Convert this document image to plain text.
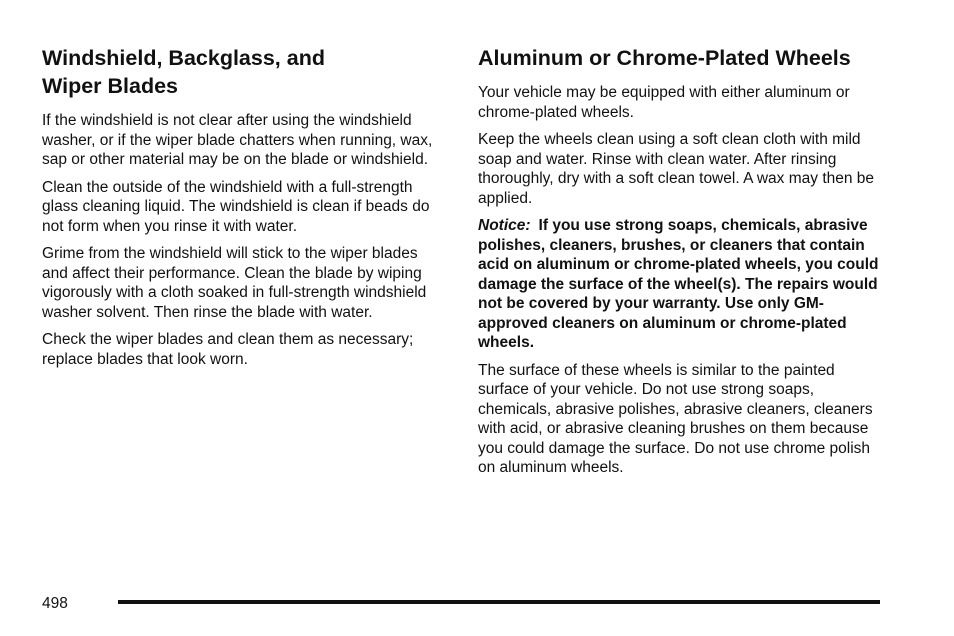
Windshield, Backglass, and Wiper Blades

If the windshield is not clear after using the windshield washer, or if the wiper blade chatters when running, wax, sap or other material may be on the blade or windshield.

Clean the outside of the windshield with a full-strength glass cleaning liquid. The windshield is clean if beads do not form when you rinse it with water.

Grime from the windshield will stick to the wiper blades and affect their performance. Clean the blade by wiping vigorously with a cloth soaked in full-strength windshield washer solvent. Then rinse the blade with water.

Check the wiper blades and clean them as necessary; replace blades that look worn.

Aluminum or Chrome-Plated Wheels

Your vehicle may be equipped with either aluminum or chrome-plated wheels.

Keep the wheels clean using a soft clean cloth with mild soap and water. Rinse with clean water. After rinsing thoroughly, dry with a soft clean towel. A wax may then be applied.

Notice: If you use strong soaps, chemicals, abrasive polishes, cleaners, brushes, or cleaners that contain acid on aluminum or chrome-plated wheels, you could damage the surface of the wheel(s). The repairs would not be covered by your warranty. Use only GM-approved cleaners on aluminum or chrome-plated wheels.

The surface of these wheels is similar to the painted surface of your vehicle. Do not use strong soaps, chemicals, abrasive polishes, abrasive cleaners, cleaners with acid, or abrasive cleaning brushes on them because you could damage the surface. Do not use chrome polish on aluminum wheels.

498
